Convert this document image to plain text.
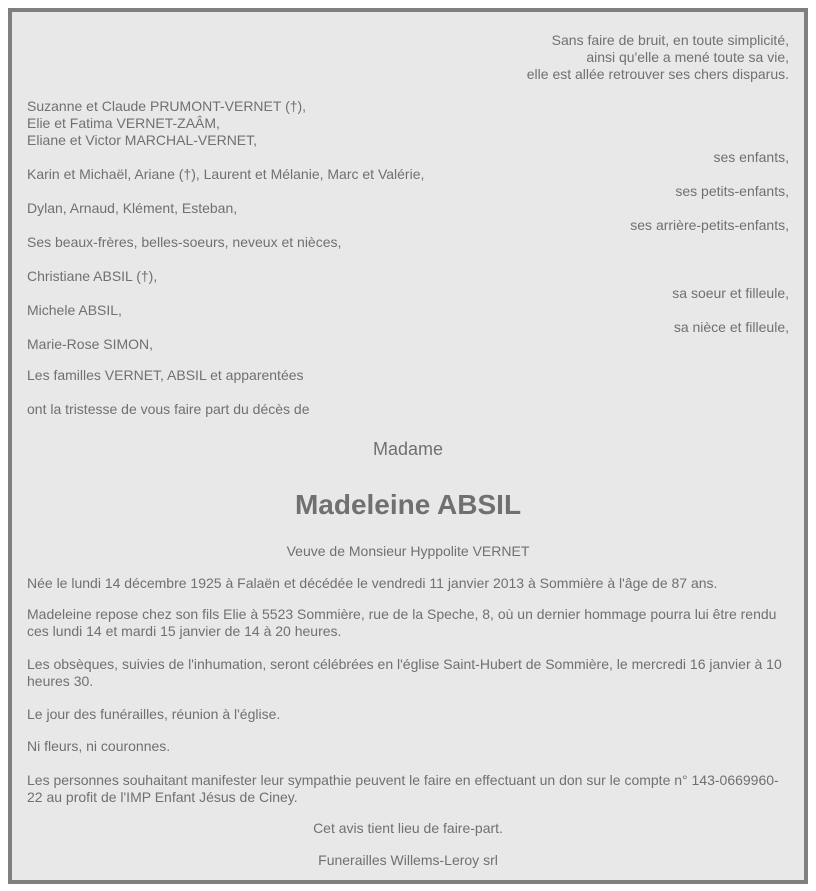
Sans faire de bruit, en toute simplicité,
ainsi qu'elle a mené toute sa vie,
elle est allée retrouver ses chers disparus.
Suzanne et Claude PRUMONT-VERNET (†),
Elie et Fatima VERNET-ZAÂM,
Eliane et Victor MARCHAL-VERNET,
ses enfants,
Karin et Michaël, Ariane (†), Laurent et Mélanie, Marc et Valérie,
ses petits-enfants,
Dylan, Arnaud, Klément, Esteban,
ses arrière-petits-enfants,
Ses beaux-frères, belles-soeurs, neveux et nièces,
Christiane ABSIL (†),
sa soeur et filleule,
Michele ABSIL,
sa nièce et filleule,
Marie-Rose SIMON,
Les familles VERNET, ABSIL et apparentées
ont la tristesse de vous faire part du décès de
Madame
Madeleine ABSIL
Veuve de Monsieur Hyppolite VERNET
Née le lundi 14 décembre 1925 à Falaën et décédée le vendredi 11 janvier 2013 à Sommière à l'âge de 87 ans.
Madeleine repose chez son fils Elie à 5523 Sommière, rue de la Speche, 8, où un dernier hommage pourra lui être rendu ces lundi 14 et mardi 15 janvier de 14 à 20 heures.
Les obsèques, suivies de l'inhumation, seront célébrées en l'église Saint-Hubert de Sommière, le mercredi 16 janvier à 10 heures 30.
Le jour des funérailles, réunion à l'église.
Ni fleurs, ni couronnes.
Les personnes souhaitant manifester leur sympathie peuvent le faire en effectuant un don sur le compte n° 143-0669960-22 au profit de l'IMP Enfant Jésus de Ciney.
Cet avis tient lieu de faire-part.
Funerailles Willems-Leroy srl
